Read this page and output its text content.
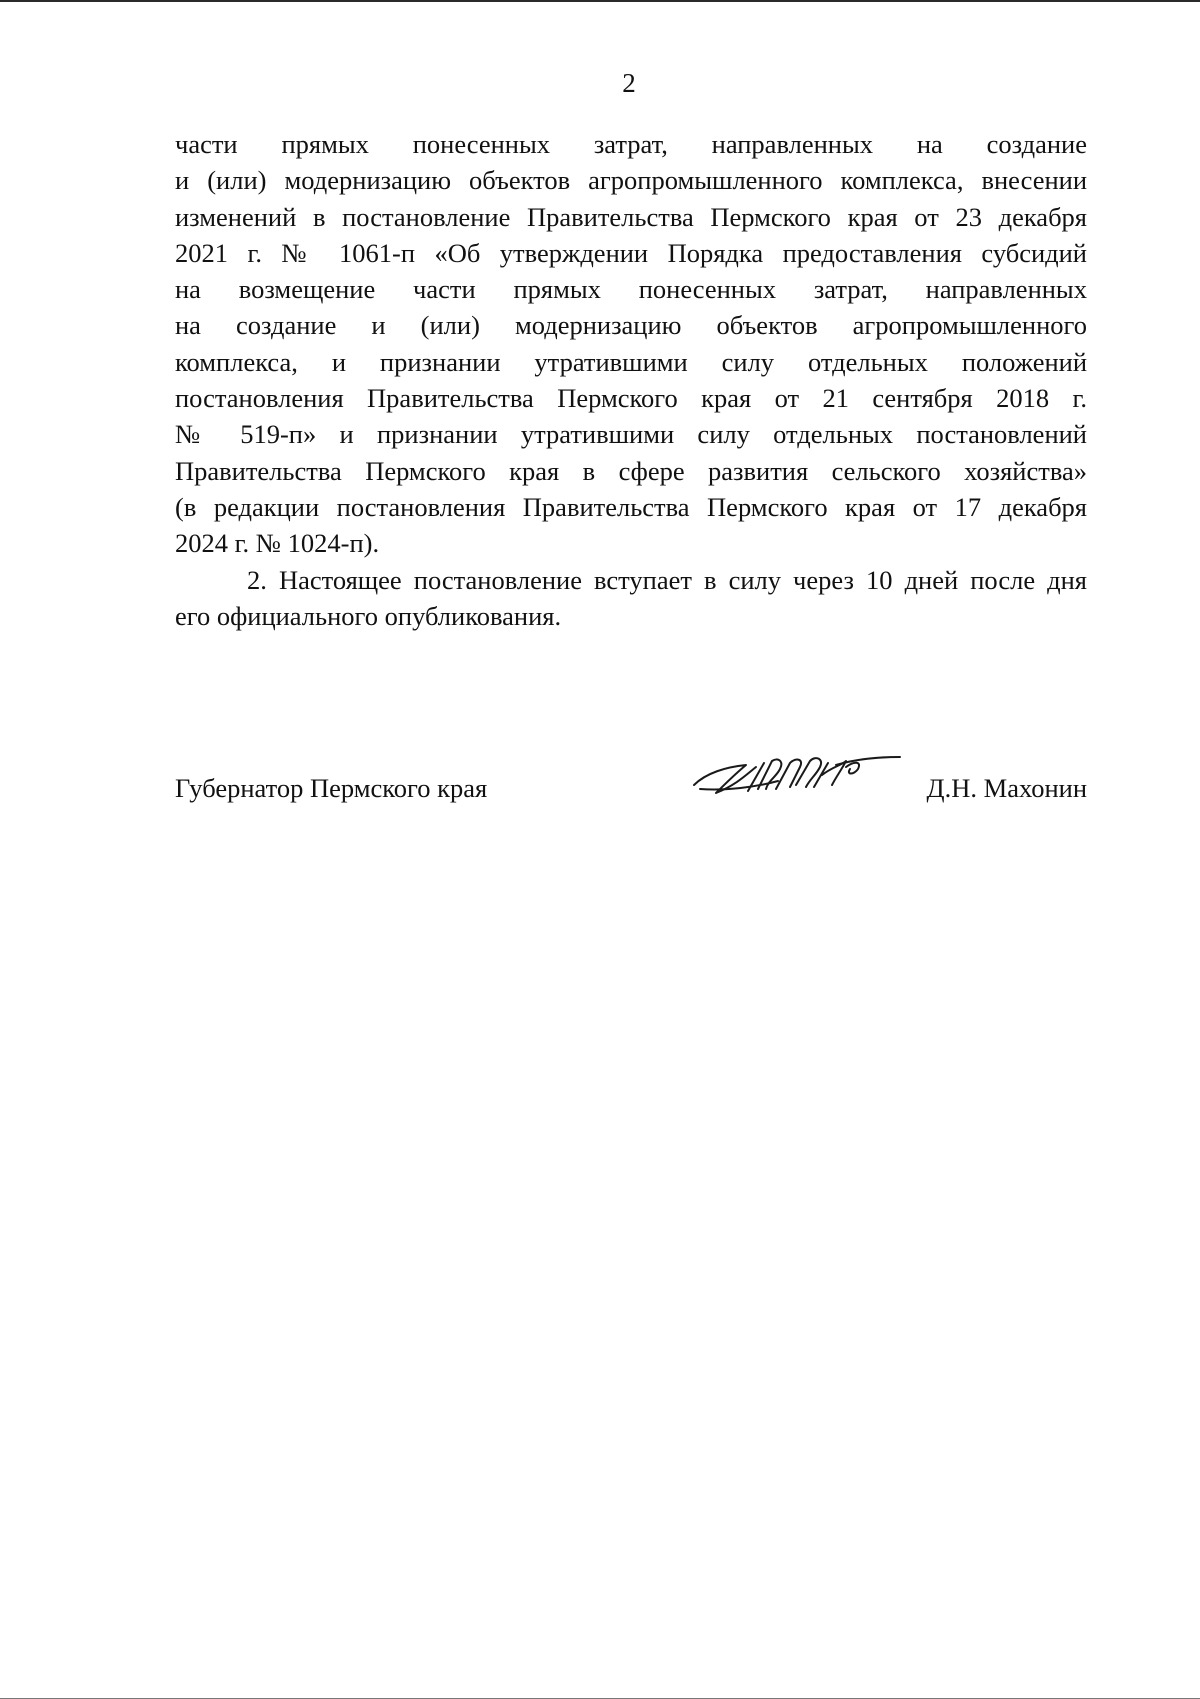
2
части прямых понесенных затрат, направленных на создание
и (или) модернизацию объектов агропромышленного комплекса, внесении
изменений в постановление Правительства Пермского края от 23 декабря
2021 г. № 1061-п «Об утверждении Порядка предоставления субсидий
на возмещение части прямых понесенных затрат, направленных
на создание и (или) модернизацию объектов агропромышленного
комплекса, и признании утратившими силу отдельных положений
постановления Правительства Пермского края от 21 сентября 2018 г.
№ 519-п» и признании утратившими силу отдельных постановлений
Правительства Пермского края в сфере развития сельского хозяйства»
(в редакции постановления Правительства Пермского края от 17 декабря
2024 г. № 1024-п).
2. Настоящее постановление вступает в силу через 10 дней после дня
его официального опубликования.
Губернатор Пермского края	Д.Н. Махонин
